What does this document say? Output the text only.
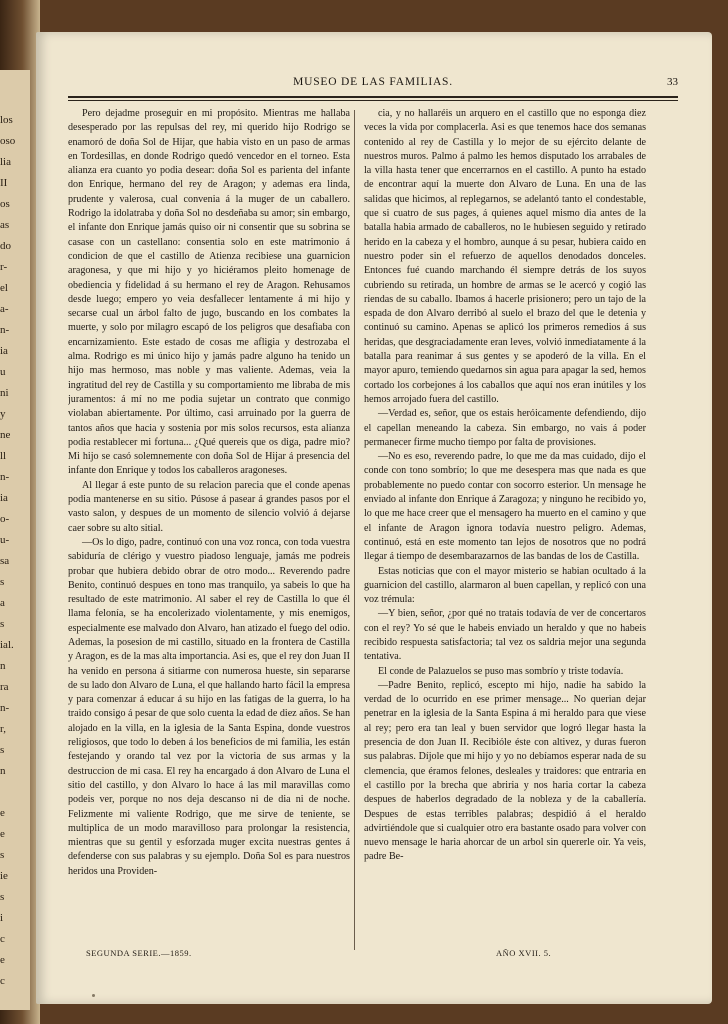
los
oso
lia
II
os
as
do
r-
el
a-
n-
ia
u
ni
y
ne
ll
n-
ia
o-
u-
sa
s
a
s
ial.
n
ra
n-
r,
s
n
e
e
s
ie
s
i
c
e
c
MUSEO DE LAS FAMILIAS.	33

Pero dejadme proseguir en mi propósito. Mientras me hallaba desesperado por las repulsas del rey, mi querido hijo Rodrigo se enamoró de doña Sol de Hijar, que habia visto en un paso de armas en Tordesillas, en donde Rodrigo quedó vencedor en el torneo. Esta alianza era cuanto yo podia desear: doña Sol es parienta del infante don Enrique, hermano del rey de Aragon; y ademas era linda, prudente y valerosa, cual convenia á la muger de un caballero. Rodrigo la idolatraba y doña Sol no desdeñaba su amor; sin embargo, el infante don Enrique jamás quiso oir ni consentir que su sobrina se casase con un castellano: consentia solo en este matrimonio á condicion de que el castillo de Atienza recibiese una guarnicion aragonesa, y que mi hijo y yo hiciéramos pleito homenage de obediencia y fidelidad á su hermano el rey de Aragon. Rehusamos desde luego; empero yo veia desfallecer lentamente á mi hijo y secarse cual un árbol falto de jugo, buscando en los combates la muerte, y solo por milagro escapó de los peligros que desafiaba con encarnizamiento. Este estado de cosas me afligia y destrozaba el alma. Rodrigo es mi único hijo y jamás padre alguno ha tenido un hijo mas hermoso, mas noble y mas valiente. Ademas, veia la ingratitud del rey de Castilla y su comportamiento me libraba de mis juramentos: á mí no me podia sujetar un contrato que conmigo violaban abiertamente. Por último, casi arruinado por la guerra de tantos años que hacia y sostenia por mis solos recursos, esta alianza podia restablecer mi fortuna... ¿Qué quereis que os diga, padre mio? Mi hijo se casó solemnemente con doña Sol de Hijar á presencia del infante don Enrique y todos los caballeros aragoneses.

Al llegar á este punto de su relacion parecia que el conde apenas podia mantenerse en su sitio. Púsose á pasear á grandes pasos por el vasto salon, y despues de un momento de silencio volvió á dejarse caer sobre su alto sitial.

—Os lo digo, padre, continuó con una voz ronca, con toda vuestra sabiduría de clérigo y vuestro piadoso lenguaje, jamás me podreis probar que hubiera debido obrar de otro modo... Reverendo padre Benito, continuó despues en tono mas tranquilo, ya sabeis lo que ha resultado de este matrimonio. Al saber el rey de Castilla lo que él llama felonía, se ha encolerizado violentamente, y mis enemigos, especialmente ese malvado don Alvaro, han atizado el fuego del odio. Ademas, la posesion de mi castillo, situado en la frontera de Castilla y Aragon, es de la mas alta importancia. Asi es, que el rey don Juan II ha venido en persona á sitiarme con numerosa hueste, sin separarse de su lado don Alvaro de Luna, el que hallando harto fácil la empresa y para comenzar á educar á su hijo en las fatigas de la guerra, lo ha traido consigo á pesar de que solo cuenta la edad de diez años. Se han alojado en la villa, en la iglesia de la Santa Espina, donde vuestros religiosos, que todo lo deben á los beneficios de mi familia, les están festejando y orando tal vez por la victoria de sus armas y la destruccion de mi casa. El rey ha encargado á don Alvaro de Luna el sitio del castillo, y don Alvaro lo hace á las mil maravillas como podeis ver, porque no nos deja descanso ni de dia ni de noche. Felizmente mi valiente Rodrigo, que me sirve de teniente, se multiplica de un modo maravilloso para prolongar la resistencia, mientras que su gentil y esforzada muger excita nuestras gentes á defenderse con sus palabras y su ejemplo. Doña Sol es para nuestros heridos una Providen-

cia, y no hallaréis un arquero en el castillo que no esponga diez veces la vida por complacerla. Asi es que tenemos hace dos semanas contenido al rey de Castilla y lo mejor de su ejército delante de nuestros muros. Palmo á palmo les hemos disputado los arrabales de la villa hasta tener que encerrarnos en el castillo. A punto ha estado de encontrar aquí la muerte don Alvaro de Luna. En una de las salidas que hicimos, al replegarnos, se adelantó tanto el condestable, que si cuatro de sus pages, á quienes aquel mismo dia antes de la batalla habia armado de caballeros, no le hubiesen seguido y retirado herido en la cabeza y el hombro, aunque á su pesar, hubiera caido en nuestro poder sin el refuerzo de aquellos denodados donceles. Entonces fué cuando marchando él siempre detrás de los suyos cubriendo su retirada, un hombre de armas se le acercó y cogió las riendas de su caballo. Ibamos á hacerle prisionero; pero un tajo de la espada de don Alvaro derribó al suelo el brazo del que le detenia y continuó su camino. Apenas se aplicó los primeros remedios á sus heridas, que desgraciadamente eran leves, volvió inmediatamente á la batalla para reanimar á sus gentes y se apoderó de la villa. En el mayor apuro, temiendo quedarnos sin agua para apagar la sed, hemos cortado los corbejones á los caballos que aquí nos eran inútiles y los hemos arrojado fuera del castillo.

—Verdad es, señor, que os estais heróicamente defendiendo, dijo el capellan meneando la cabeza. Sin embargo, no vais á poder permanecer firme mucho tiempo por falta de provisiones.

—No es eso, reverendo padre, lo que me da mas cuidado, dijo el conde con tono sombrío; lo que me desespera mas que nada es que probablemente no puedo contar con socorro esterior. Un mensage he enviado al infante don Enrique á Zaragoza; y ninguno he recibido yo, lo que me hace creer que el mensagero ha muerto en el camino y que el infante de Aragon ignora todavía nuestro peligro. Ademas, continuó, está en este momento tan lejos de nosotros que no podrá llegar á tiempo de desembarazarnos de las bandas de los de Castilla.

Estas noticias que con el mayor misterio se habian ocultado á la guarnicion del castillo, alarmaron al buen capellan, y replicó con una voz trémula:

—Y bien, señor, ¿por qué no tratais todavía de ver de concertaros con el rey? Yo sé que le habeis enviado un heraldo y que no habeis recibido respuesta satisfactoria; tal vez os saldria mejor una segunda tentativa.

El conde de Palazuelos se puso mas sombrío y triste todavía.

—Padre Benito, replicó, escepto mi hijo, nadie ha sabido la verdad de lo ocurrido en ese primer mensage... No querian dejar penetrar en la iglesia de la Santa Espina á mi heraldo para que viese al rey; pero era tan leal y buen servidor que logró llegar hasta la presencia de don Juan II. Recibióle éste con altivez, y duras fueron sus palabras. Díjole que mi hijo y yo no debíamos esperar nada de su clemencia, que éramos felones, desleales y traidores: que entraria en el castillo por la brecha que abriria y nos haria cortar la cabeza despues de haberlos degradado de la nobleza y de la caballería. Despues de estas terribles palabras; despidió á el heraldo advirtiéndole que si cualquier otro era bastante osado para volver con nuevo mensage le haria ahorcar de un arbol sin quererle oir. Ya veis, padre Be-

SEGUNDA SERIE.—1859.	AÑO XVII. 5.
